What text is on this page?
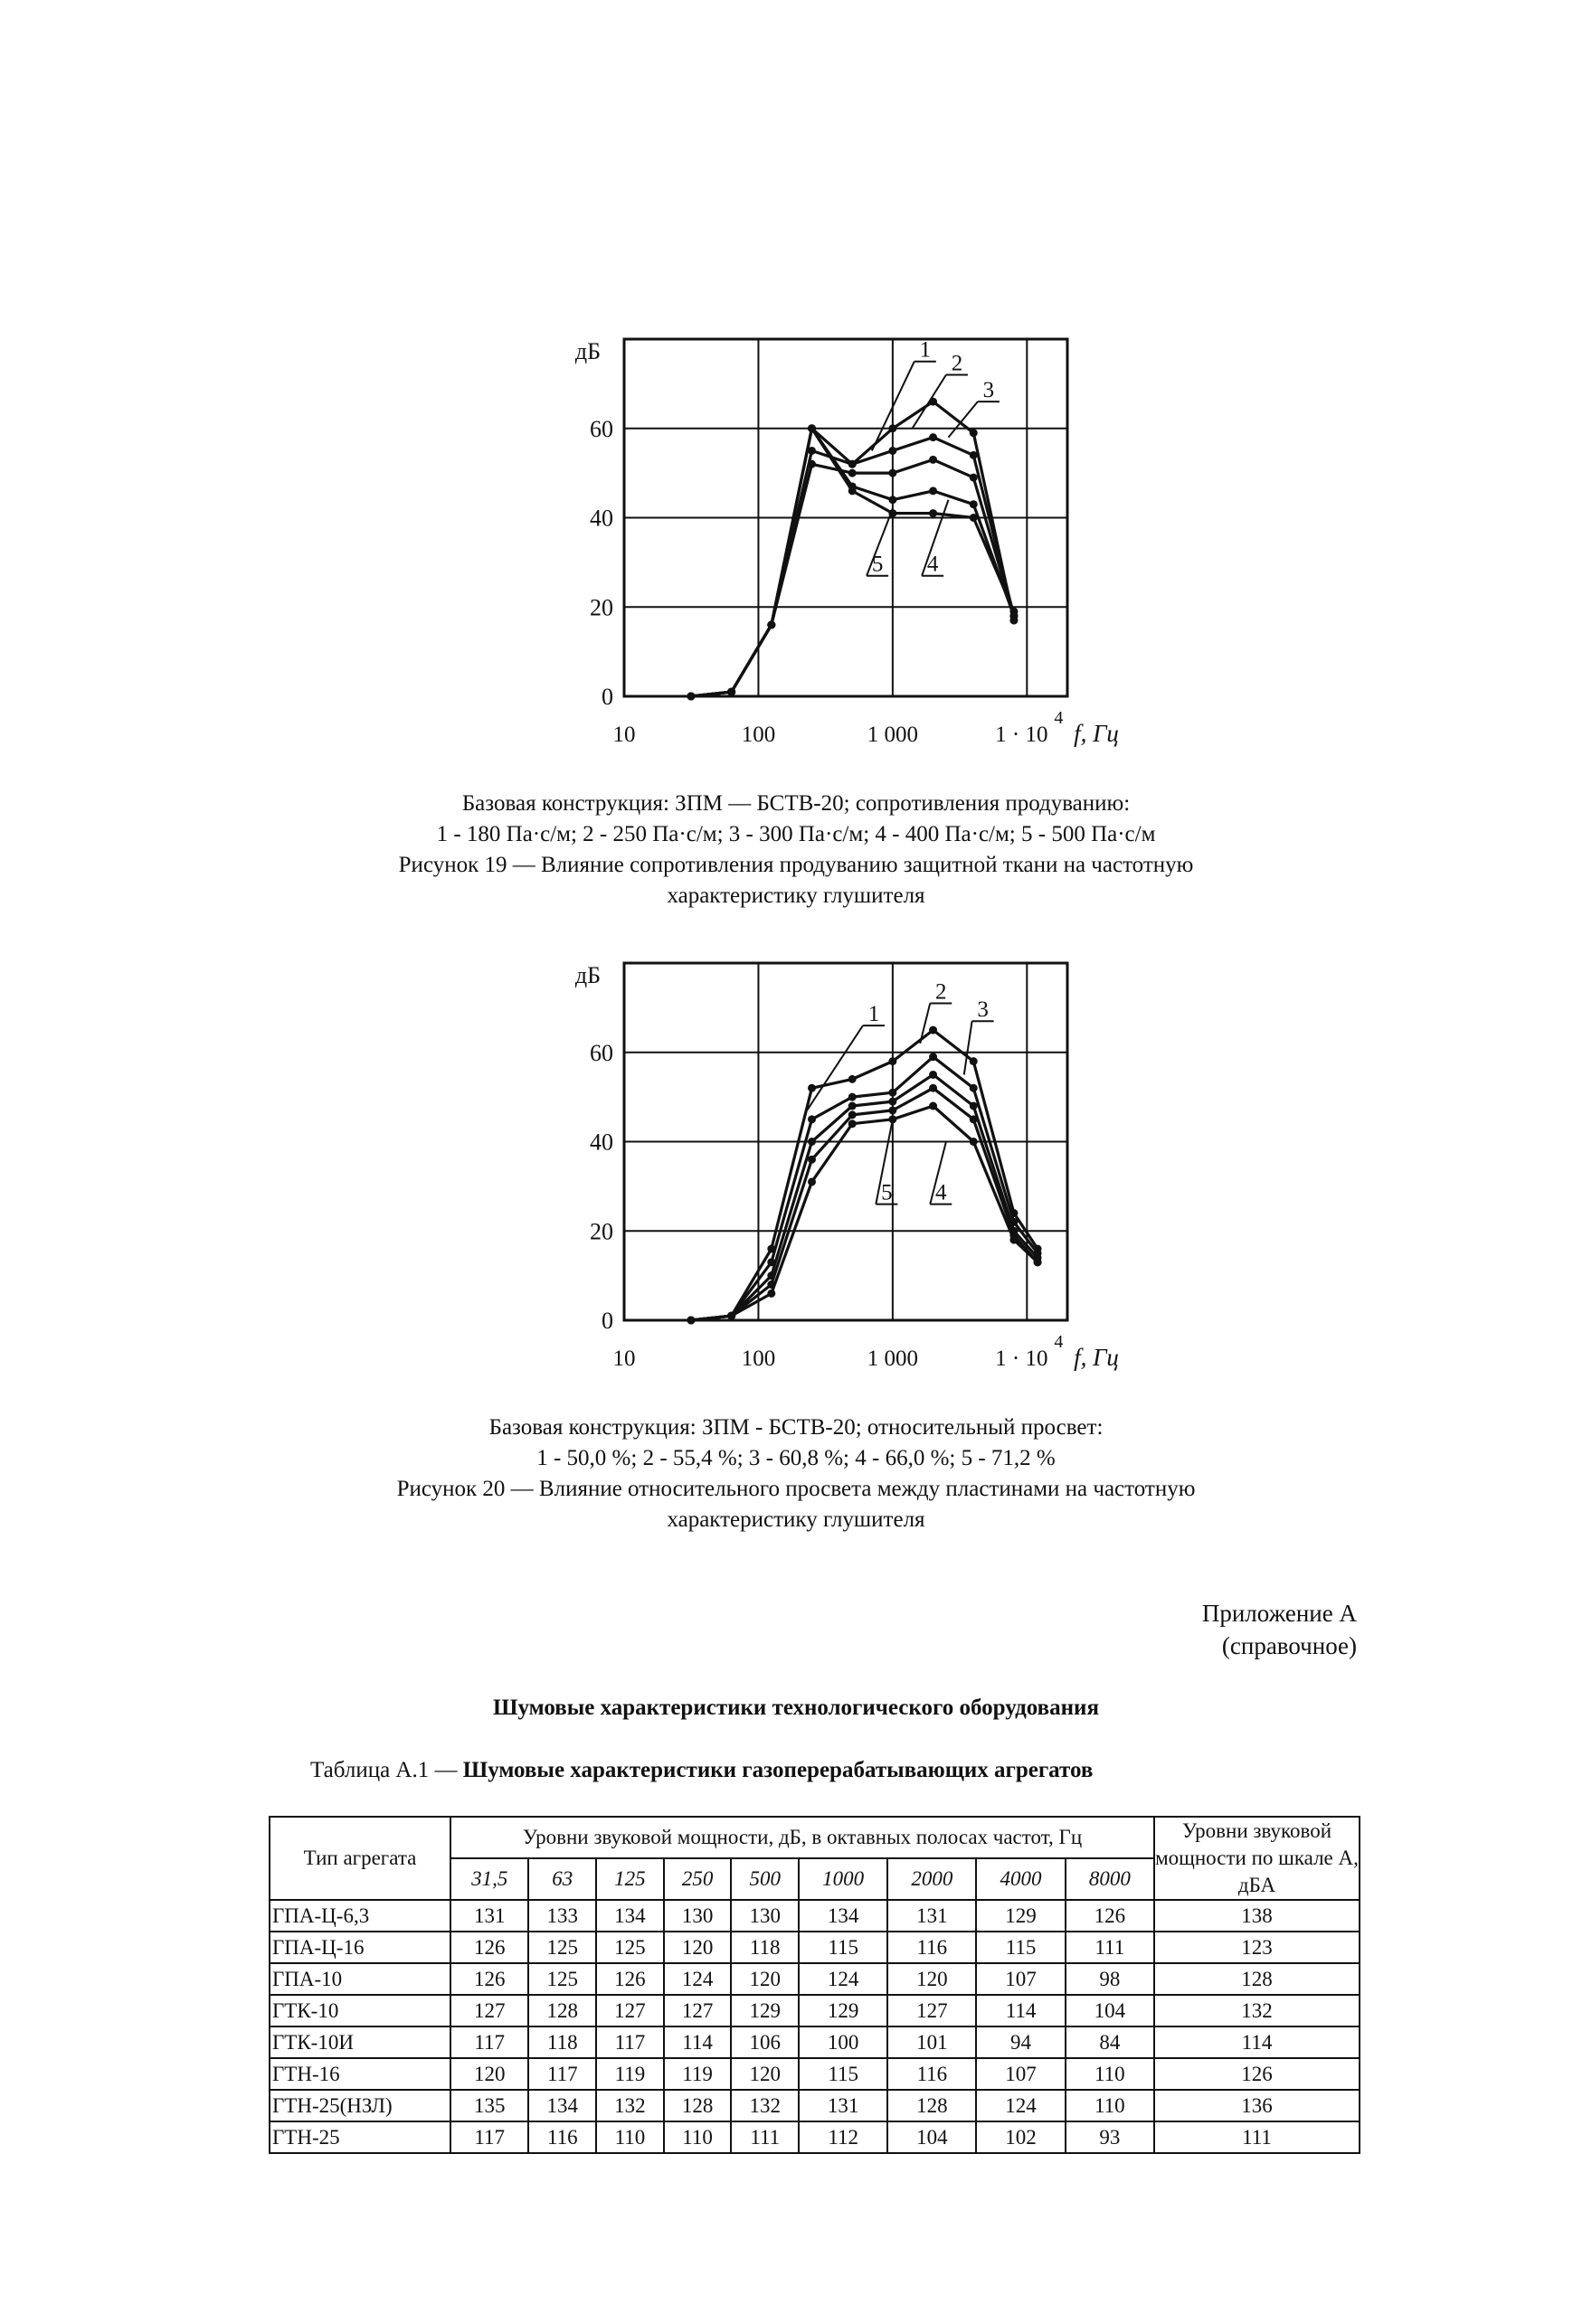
0
20
40
60
10	100	1 000	1 · 10
4
дБ
f, Гц
1
2
3
4
5
Базовая конструкция: ЗПМ — БСТВ-20; сопротивления продуванию:
1 - 180 Па·с/м; 2 - 250 Па·с/м; 3 - 300 Па·с/м; 4 - 400 Па·с/м; 5 - 500 Па·с/м
Рисунок 19 — Влияние сопротивления продуванию защитной ткани на частотную
характеристику глушителя
0
20
40
60
10	100	1 000	1 · 10
4
дБ
f, Гц
1
2
3
4
5
Базовая конструкция: ЗПМ - БСТВ-20; относительный просвет:
1 - 50,0 %; 2 - 55,4 %; 3 - 60,8 %; 4 - 66,0 %; 5 - 71,2 %
Рисунок 20 — Влияние относительного просвета между пластинами на частотную
характеристику глушителя
Приложение А
(справочное)
Шумовые характеристики технологического оборудования
Таблица А.1 — Шумовые характеристики газоперерабатывающих агрегатов
Тип агрегата	Уровни звуковой мощности, дБ, в октавных полосах частот, Гц									Уровни звуковой мощности по шкале А, дБА
	31,5	63	125	250	500	1000	2000	4000	8000	
ГПА-Ц-6,3	131	133	134	130	130	134	131	129	126	138
ГПА-Ц-16	126	125	125	120	118	115	116	115	111	123
ГПА-10	126	125	126	124	120	124	120	107	98	128
ГТК-10	127	128	127	127	129	129	127	114	104	132
ГТК-10И	117	118	117	114	106	100	101	94	84	114
ГТН-16	120	117	119	119	120	115	116	107	110	126
ГТН-25(НЗЛ)	135	134	132	128	132	131	128	124	110	136
ГТН-25	117	116	110	110	111	112	104	102	93	111
